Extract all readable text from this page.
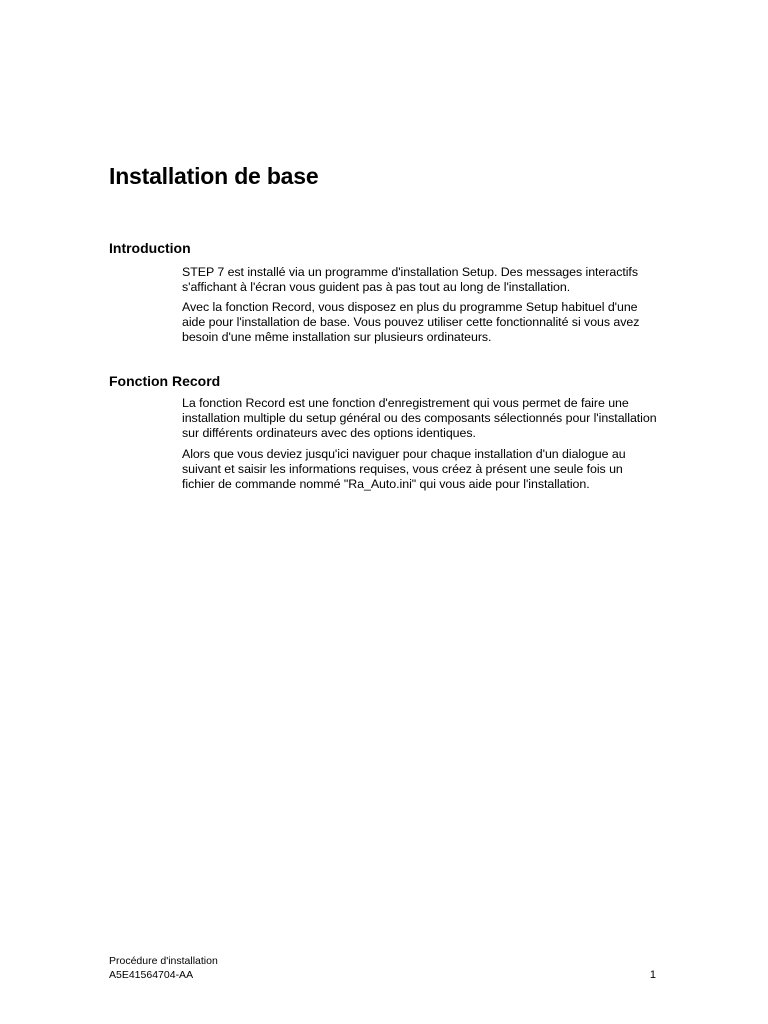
Installation de base
Introduction

STEP 7 est installé via un programme d'installation Setup. Des messages interactifs s'affichant à l'écran vous guident pas à pas tout au long de l'installation.

Avec la fonction Record, vous disposez en plus du programme Setup habituel d'une aide pour l'installation de base. Vous pouvez utiliser cette fonctionnalité si vous avez besoin d'une même installation sur plusieurs ordinateurs.

Fonction Record

La fonction Record est une fonction d'enregistrement qui vous permet de faire une installation multiple du setup général ou des composants sélectionnés pour l'installation sur différents ordinateurs avec des options identiques.

Alors que vous deviez jusqu'ici naviguer pour chaque installation d'un dialogue au suivant et saisir les informations requises, vous créez à présent une seule fois un fichier de commande nommé "Ra_Auto.ini" qui vous aide pour l'installation.

Procédure d'installation
A5E41564704-AA	1
